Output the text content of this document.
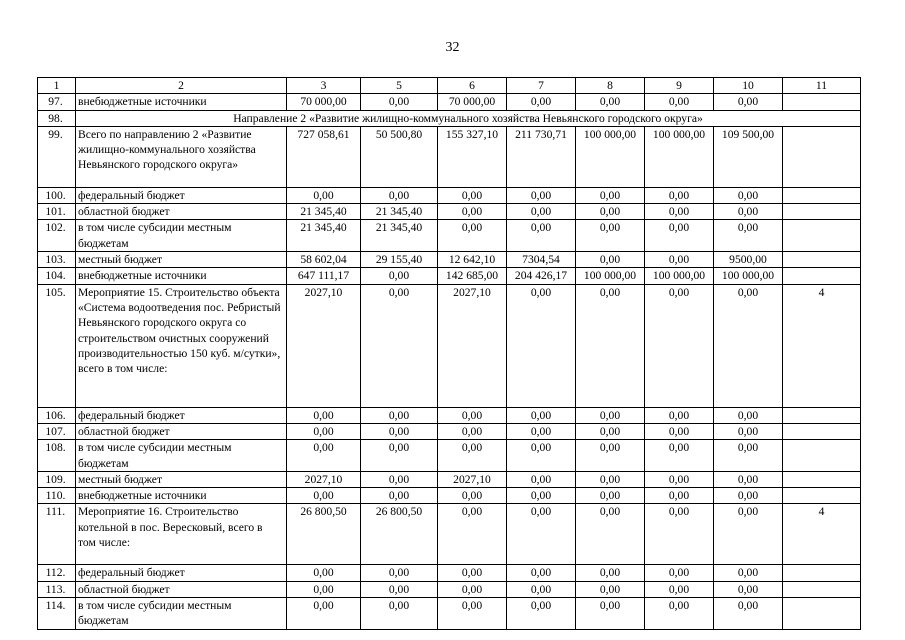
32
1	2	3	5	6	7	8	9	10	11
97.	внебюджетные источники	70 000,00	0,00	70 000,00	0,00	0,00	0,00	0,00	
98.	Направление 2 «Развитие жилищно-коммунального хозяйства Невьянского городского округа»								
99.	Всего по направлению 2 «Развитие жилищно-коммунального хозяйства Невьянского городского округа»	727 058,61	50 500,80	155 327,10	211 730,71	100 000,00	100 000,00	109 500,00	
100.	федеральный бюджет	0,00	0,00	0,00	0,00	0,00	0,00	0,00	
101.	областной бюджет	21 345,40	21 345,40	0,00	0,00	0,00	0,00	0,00	
102.	в том числе субсидии местным бюджетам	21 345,40	21 345,40	0,00	0,00	0,00	0,00	0,00	
103.	местный бюджет	58 602,04	29 155,40	12 642,10	7304,54	0,00	0,00	9500,00	
104.	внебюджетные источники	647 111,17	0,00	142 685,00	204 426,17	100 000,00	100 000,00	100 000,00	
105.	Мероприятие 15. Строительство объекта «Система водоотведения пос. Ребристый Невьянского городского округа со строительством очистных сооружений производительностью 150 куб. м/сутки», всего в том числе:	2027,10	0,00	2027,10	0,00	0,00	0,00	0,00	4
106.	федеральный бюджет	0,00	0,00	0,00	0,00	0,00	0,00	0,00	
107.	областной бюджет	0,00	0,00	0,00	0,00	0,00	0,00	0,00	
108.	в том числе субсидии местным бюджетам	0,00	0,00	0,00	0,00	0,00	0,00	0,00	
109.	местный бюджет	2027,10	0,00	2027,10	0,00	0,00	0,00	0,00	
110.	внебюджетные источники	0,00	0,00	0,00	0,00	0,00	0,00	0,00	
111.	Мероприятие 16. Строительство котельной в пос. Вересковый, всего в том числе:	26 800,50	26 800,50	0,00	0,00	0,00	0,00	0,00	4
112.	федеральный бюджет	0,00	0,00	0,00	0,00	0,00	0,00	0,00	
113.	областной бюджет	0,00	0,00	0,00	0,00	0,00	0,00	0,00	
114.	в том числе субсидии местным бюджетам	0,00	0,00	0,00	0,00	0,00	0,00	0,00	
